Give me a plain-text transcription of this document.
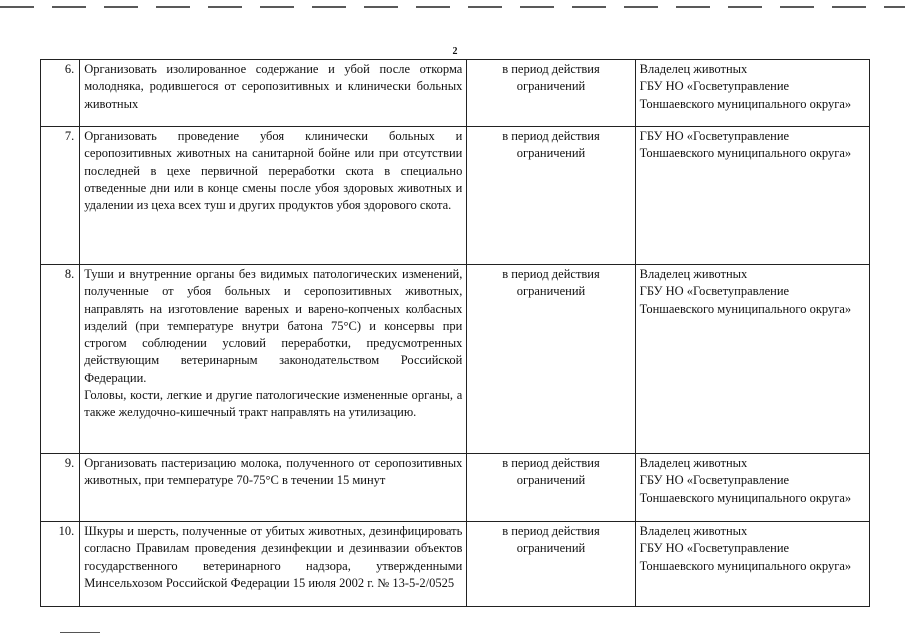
2
6.	Организовать изолированное содержание и убой после откорма молодняка, родившегося от серопозитивных и клинически больных животных	в период действия ограничений	Владелец животных
ГБУ НО «Госветуправление Тоншаевского муниципального округа»

7.	Организовать проведение убоя клинически больных и серопозитивных животных на санитарной бойне или при отсутствии последней в цехе первичной переработки скота в специально отведенные дни или в конце смены после убоя здоровых животных и удалении из цеха всех туш и других продуктов убоя здорового скота.	в период действия ограничений	ГБУ НО «Госветуправление Тоншаевского муниципального округа»

8.	Туши и внутренние органы без видимых патологических изменений, полученные от убоя больных и серопозитивных животных, направлять на изготовление вареных и варено-копченых колбасных изделий (при температуре внутри батона 75°С) и консервы при строгом соблюдении условий переработки, предусмотренных действующим ветеринарным законодательством Российской Федерации.
Головы, кости, легкие и другие патологические измененные органы, а также желудочно-кишечный тракт направлять на утилизацию.	в период действия ограничений	Владелец животных
ГБУ НО «Госветуправление Тоншаевского муниципального округа»

9.	Организовать пастеризацию молока, полученного от серопозитивных животных, при температуре 70-75°С в течении 15 минут	в период действия ограничений	Владелец животных
ГБУ НО «Госветуправление Тоншаевского муниципального округа»

10.	Шкуры и шерсть, полученные от убитых животных, дезинфицировать согласно Правилам проведения дезинфекции и дезинвазии объектов государственного ветеринарного надзора, утвержденными Минсельхозом Российской Федерации 15 июля 2002 г. № 13-5-2/0525	в период действия ограничений	Владелец животных
ГБУ НО «Госветуправление Тоншаевского муниципального округа»
